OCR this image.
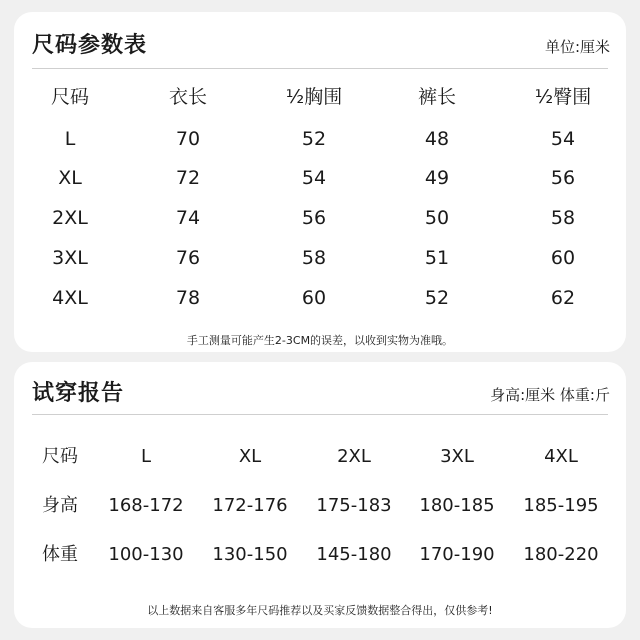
尺码参数表	单位:厘米
尺码	衣长	½胸围	裤长	½臀围
L	70	52	48	54
XL	72	54	49	56
2XL	74	56	50	58
3XL	76	58	51	60
4XL	78	60	52	62
手工测量可能产生2-3CM的误差，以收到实物为准哦。
试穿报告	身高:厘米 体重:斤
尺码	L	XL	2XL	3XL	4XL
身高	168-172	172-176	175-183	180-185	185-195
体重	100-130	130-150	145-180	170-190	180-220
以上数据来自客服多年尺码推荐以及买家反馈数据整合得出，仅供参考!
